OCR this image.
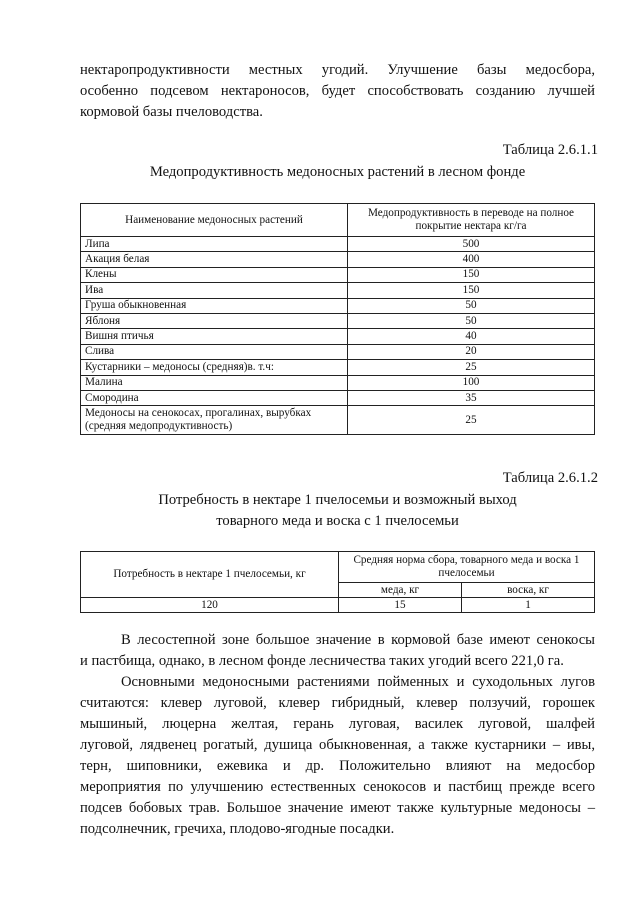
нектаропродуктивности местных угодий. Улучшение базы медосбора,
особенно подсевом нектароносов, будет способствовать созданию лучшей
кормовой базы пчеловодства.
Таблица 2.6.1.1
Медопродуктивность медоносных растений в лесном фонде
Наименование медоносных растений	Медопродуктивность в переводе на полное покрытие нектара кг/га
Липа	500
Акация белая	400
Клены	150
Ива	150
Груша обыкновенная	50
Яблоня	50
Вишня птичья	40
Слива	20
Кустарники – медоносы (средняя)в. т.ч:	25
Малина	100
Смородина	35
Медоносы на сенокосах, прогалинах, вырубках (средняя медопродуктивность)	25
Таблица 2.6.1.2
Потребность в нектаре 1 пчелосемьи и возможный выход
товарного меда и воска с 1 пчелосемьи
Потребность в нектаре 1 пчелосемьи, кг	Средняя норма сбора, товарного меда и воска 1 пчелосемьи	
	меда, кг	воска, кг
120	15	1
В лесостепной зоне большое значение в кормовой базе имеют сенокосы
и пастбища, однако, в лесном фонде лесничества таких угодий всего 221,0 га.
Основными медоносными растениями пойменных и суходольных лугов
считаются: клевер луговой, клевер гибридный, клевер ползучий, горошек
мышиный, люцерна желтая, герань луговая, василек луговой, шалфей
луговой, лядвенец рогатый, душица обыкновенная, а также кустарники – ивы,
терн, шиповники, ежевика и др. Положительно влияют на медосбор
мероприятия по улучшению естественных сенокосов и пастбищ прежде всего
подсев бобовых трав. Большое значение имеют также культурные медоносы –
подсолнечник, гречиха, плодово-ягодные посадки.
